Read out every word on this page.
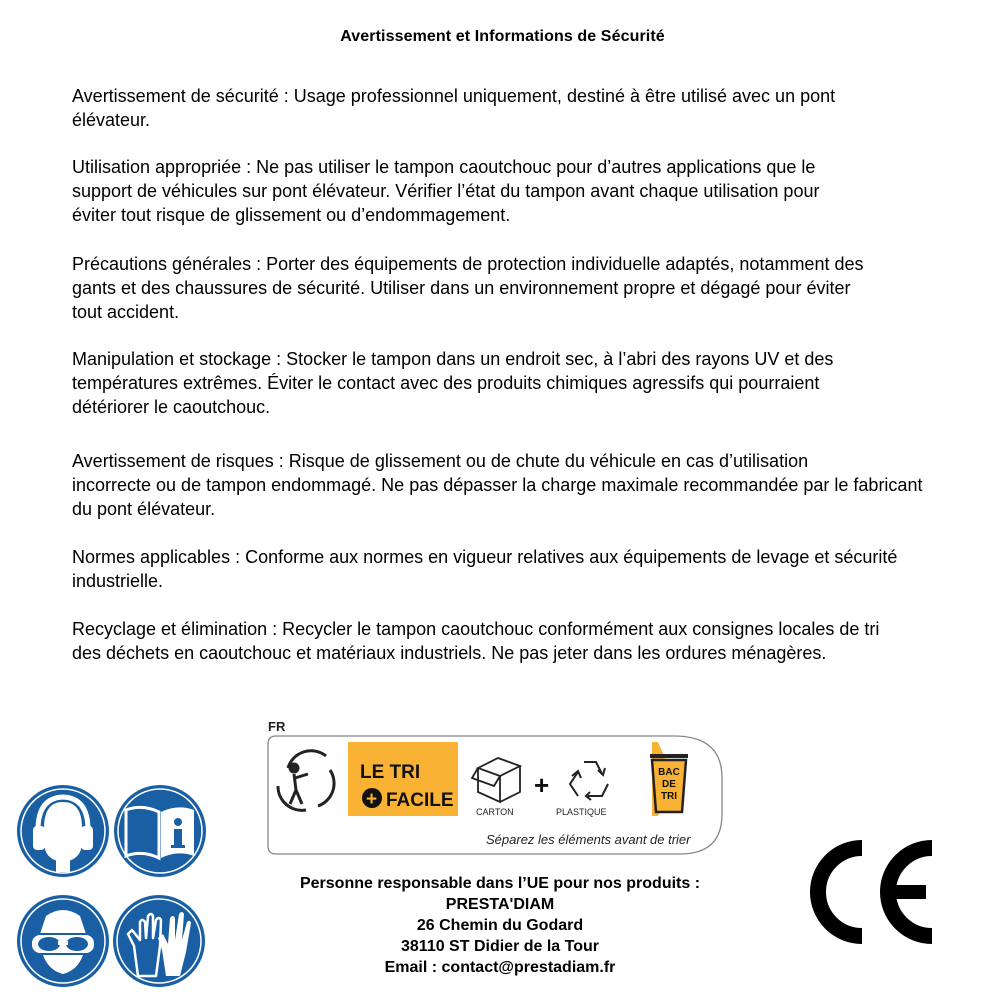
Avertissement et Informations de Sécurité

Avertissement de sécurité : Usage professionnel uniquement, destiné à être utilisé avec un pont
élévateur.

Utilisation appropriée : Ne pas utiliser le tampon caoutchouc pour d’autres applications que le
support de véhicules sur pont élévateur. Vérifier l’état du tampon avant chaque utilisation pour
éviter tout risque de glissement ou d’endommagement.

Précautions générales : Porter des équipements de protection individuelle adaptés, notamment des
gants et des chaussures de sécurité. Utiliser dans un environnement propre et dégagé pour éviter
tout accident.

Manipulation et stockage : Stocker le tampon dans un endroit sec, à l’abri des rayons UV et des
températures extrêmes. Éviter le contact avec des produits chimiques agressifs qui pourraient
détériorer le caoutchouc.

Avertissement de risques : Risque de glissement ou de chute du véhicule en cas d’utilisation
incorrecte ou de tampon endommagé. Ne pas dépasser la charge maximale recommandée par le fabricant
du pont élévateur.

Normes applicables : Conforme aux normes en vigueur relatives aux équipements de levage et sécurité
industrielle.

Recyclage et élimination : Recycler le tampon caoutchouc conformément aux consignes locales de tri
des déchets en caoutchouc et matériaux industriels. Ne pas jeter dans les ordures ménagères.

FR
LE TRI
+ FACILE
CARTON
+
PLASTIQUE
BAC
DE
TRI
Séparez les éléments avant de trier
Personne responsable dans l’UE pour nos produits :
PRESTA'DIAM
26 Chemin du Godard
38110 ST Didier de la Tour
Email : contact@prestadiam.fr
